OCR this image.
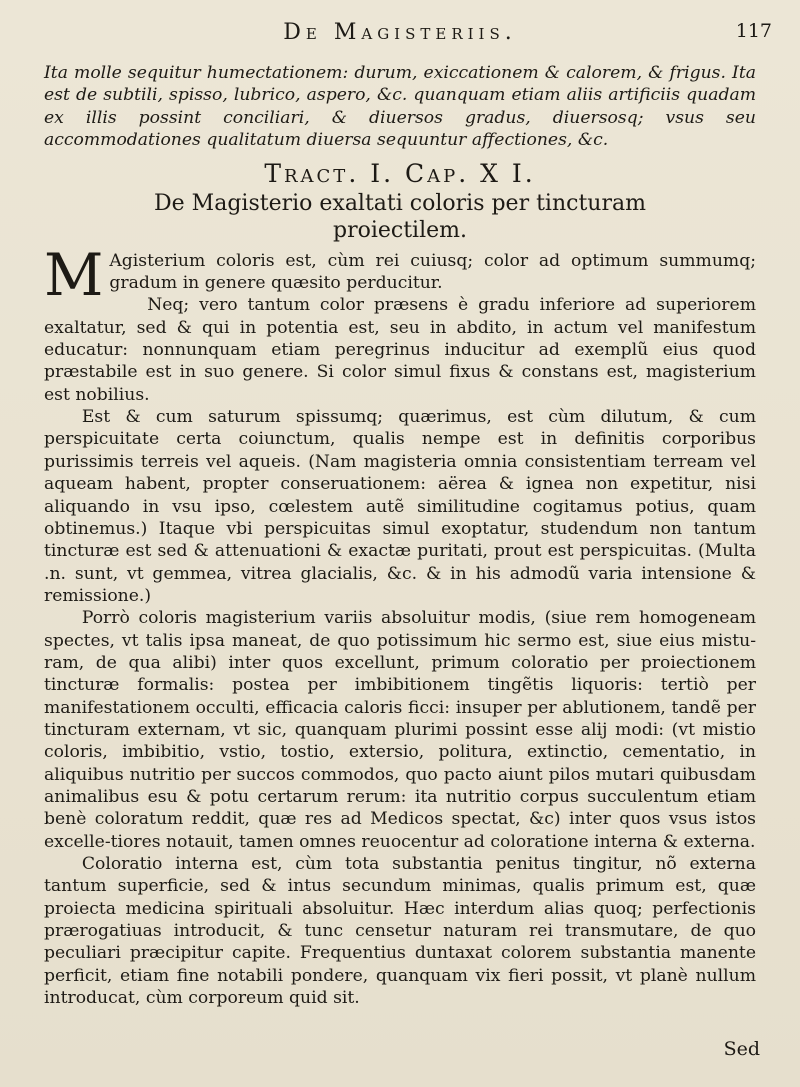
De Magisteriis.	117

Ita molle sequitur humectationem: durum, exiccationem & calorem, & frigus. Ita est de subtili, spisso, lubrico, aspero, &c. quanquam etiam aliis artificiis quadam ex illis possint conciliari, & diuersos gradus, diuersosq; vsus seu accommodationes qualitatum diuersa sequuntur affectiones, &c.

Tract. I. Cap. X I.
De Magisterio exaltati coloris per tincturam
proiectilem.

M Agisterium coloris est, cùm rei cuiusq; color ad optimum summumq; gradum in genere quæsito perducitur.

Neq; vero tantum color præsens è gradu inferiore ad superiorem exaltatur, sed & qui in potentia est, seu in abdito, in actum vel manifestum educatur: nonnunquam etiam peregrinus inducitur ad exemplũ eius quod præstabile est in suo genere. Si color simul fixus & constans est, magisterium est nobilius.

Est & cum saturum spissumq; quærimus, est cùm dilutum, & cum perspicuitate certa coiunctum, qualis nempe est in definitis corporibus purissimis terreis vel aqueis. (Nam magisteria omnia consistentiam terream vel aqueam habent, propter conseruationem: aërea & ignea non expetitur, nisi aliquando in vsu ipso, cœlestem autẽ similitudine cogitamus potius, quam obtinemus.) Itaque vbi perspicuitas simul exoptatur, studendum non tantum tincturæ est sed & attenuationi & exactæ puritati, prout est perspicuitas. (Multa .n. sunt, vt gemmea, vitrea glacialis, &c. & in his admodũ varia intensione & remissione.)

Porrò coloris magisterium variis absoluitur modis, (siue rem homogeneam spectes, vt talis ipsa maneat, de quo potissimum hic sermo est, siue eius mistu-ram, de qua alibi) inter quos excellunt, primum coloratio per proiectionem tincturæ formalis: postea per imbibitionem tingẽtis liquoris: tertiò per manifestationem occulti, efficacia caloris ficci: insuper per ablutionem, tandẽ per tincturam externam, vt sic, quanquam plurimi possint esse alij modi: (vt mistio coloris, imbibitio, vstio, tostio, extersio, politura, extinctio, cementatio, in aliquibus nutritio per succos commodos, quo pacto aiunt pilos mutari quibusdam animalibus esu & potu certarum rerum: ita nutritio corpus succulentum etiam benè coloratum reddit, quæ res ad Medicos spectat, &c) inter quos vsus istos excelle-tiores notauit, tamen omnes reuocentur ad coloratione interna & externa.

Coloratio interna est, cùm tota substantia penitus tingitur, nõ externa tantum superficie, sed & intus secundum minimas, qualis primum est, quæ proiecta medicina spirituali absoluitur. Hæc interdum alias quoq; perfectionis prærogatiuas introducit, & tunc censetur naturam rei transmutare, de quo peculiari præcipitur capite. Frequentius duntaxat colorem substantia manente perficit, etiam fine notabili pondere, quanquam vix fieri possit, vt planè nullum introducat, cùm corporeum quid sit.

Sed
